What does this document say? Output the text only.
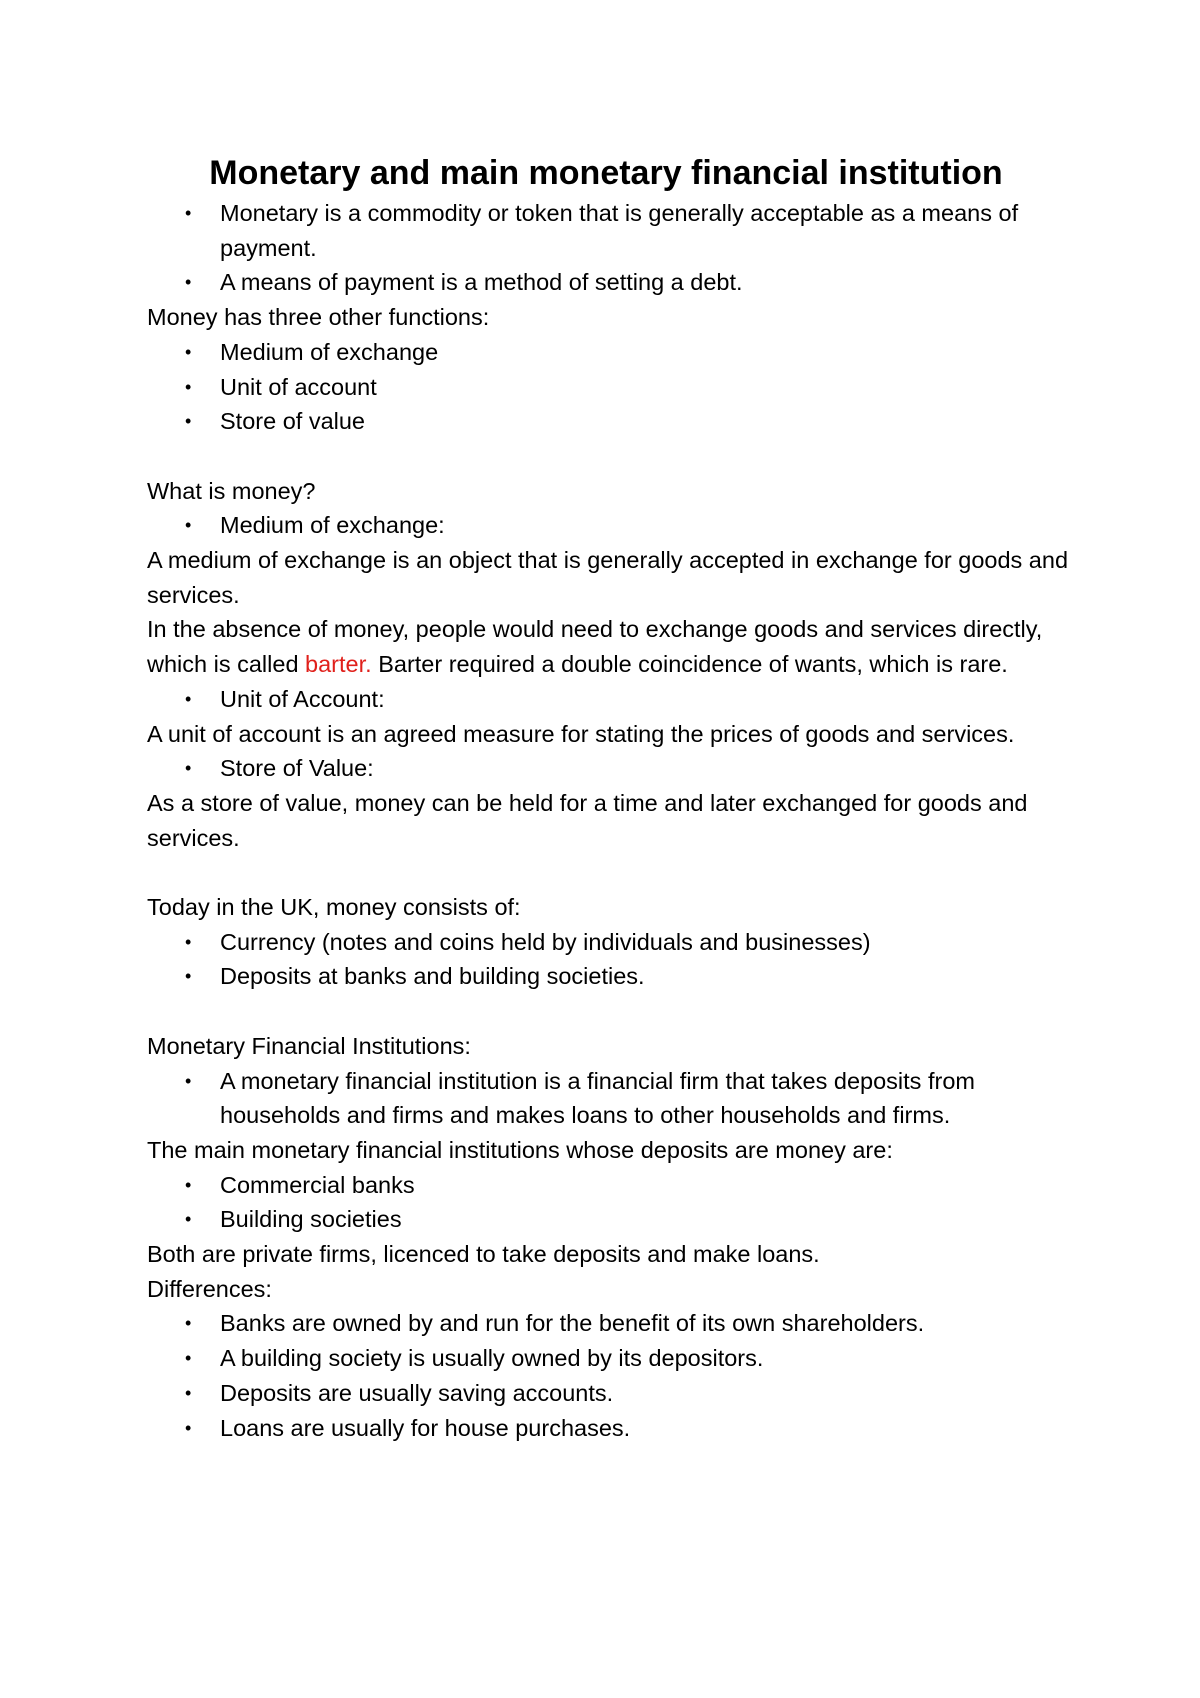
Monetary and main monetary financial institution
• Monetary is a commodity or token that is generally acceptable as a means of payment.
• A means of payment is a method of setting a debt.

Money has three other functions:

• Medium of exchange
• Unit of account
• Store of value

What is money?

• Medium of exchange:

A medium of exchange is an object that is generally accepted in exchange for goods and services.

In the absence of money, people would need to exchange goods and services directly, which is called barter. Barter required a double coincidence of wants, which is rare.

• Unit of Account:

A unit of account is an agreed measure for stating the prices of goods and services.

• Store of Value:

As a store of value, money can be held for a time and later exchanged for goods and services.

Today in the UK, money consists of:

• Currency (notes and coins held by individuals and businesses)
• Deposits at banks and building societies.

Monetary Financial Institutions:

• A monetary financial institution is a financial firm that takes deposits from households and firms and makes loans to other households and firms.

The main monetary financial institutions whose deposits are money are:

• Commercial banks
• Building societies

Both are private firms, licenced to take deposits and make loans.

Differences:

• Banks are owned by and run for the benefit of its own shareholders.
• A building society is usually owned by its depositors.
• Deposits are usually saving accounts.
• Loans are usually for house purchases.
